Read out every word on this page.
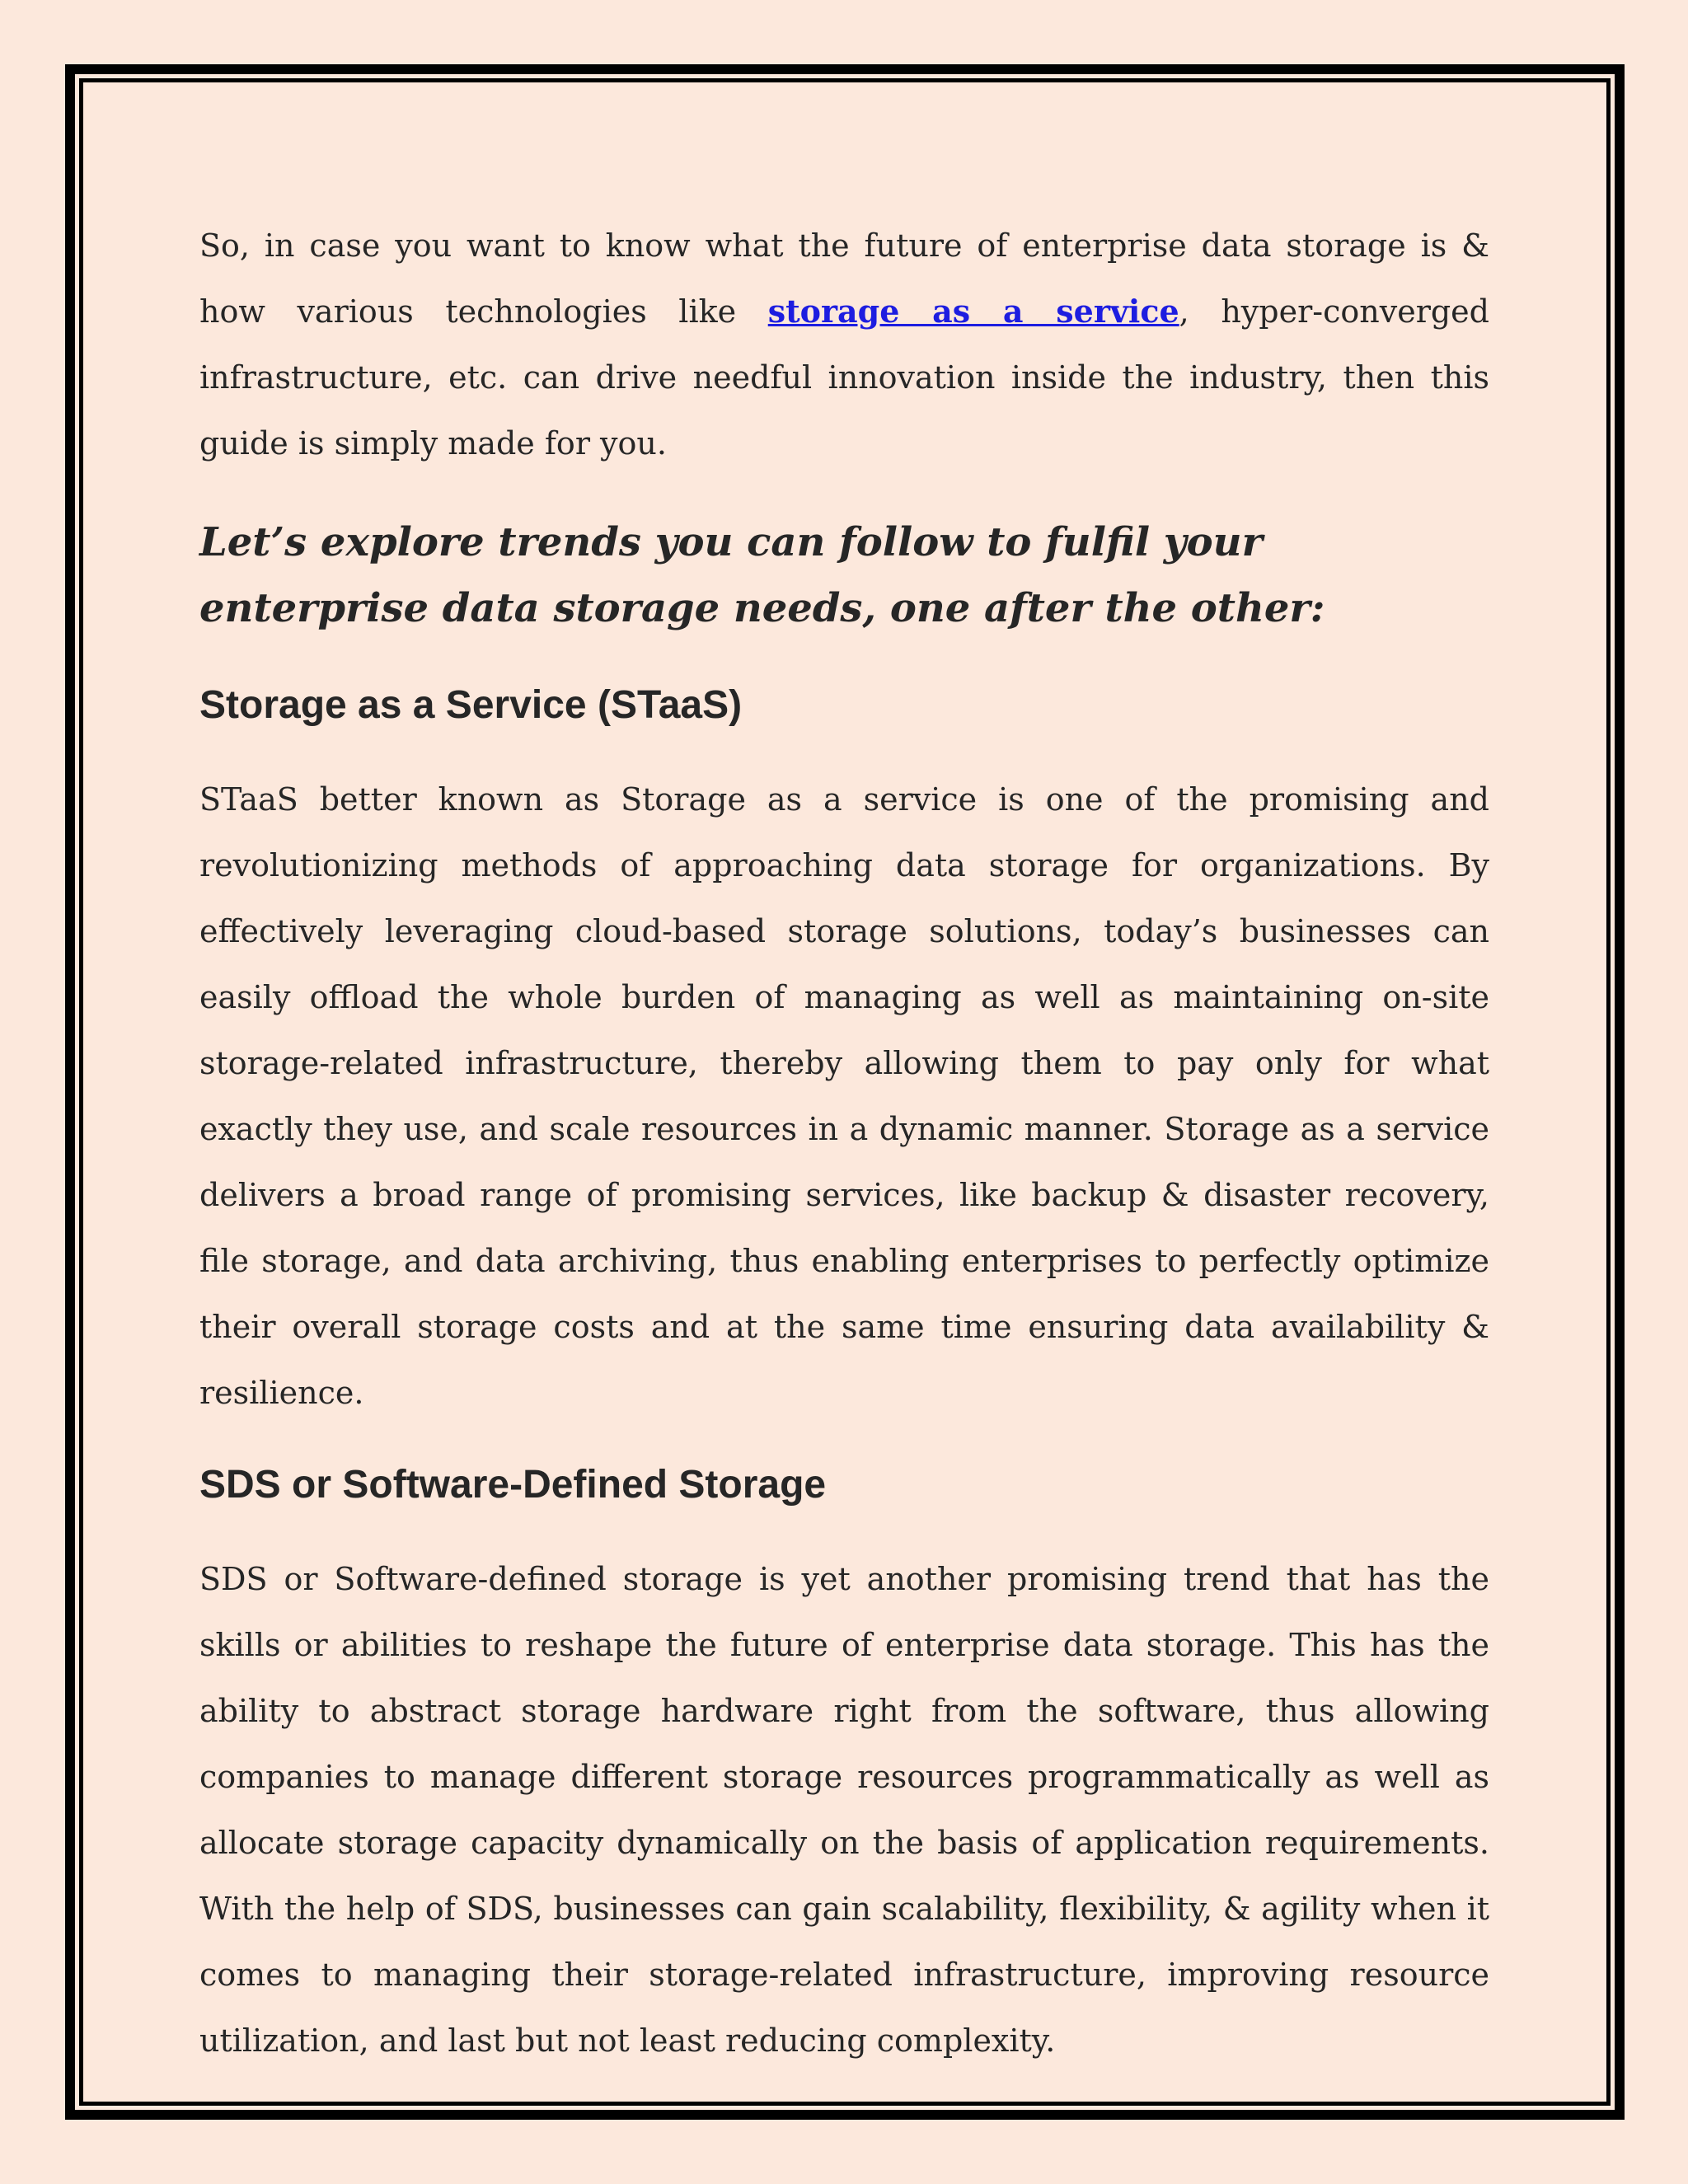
So, in case you want to know what the future of enterprise data storage is & how various technologies like storage as a service, hyper-converged infrastructure, etc. can drive needful innovation inside the industry, then this guide is simply made for you.

Let’s explore trends you can follow to fulfil your enterprise data storage needs, one after the other:
Storage as a Service (STaaS)

STaaS better known as Storage as a service is one of the promising and revolutionizing methods of approaching data storage for organizations. By effectively leveraging cloud-based storage solutions, today’s businesses can easily offload the whole burden of managing as well as maintaining on-site storage-related infrastructure, thereby allowing them to pay only for what exactly they use, and scale resources in a dynamic manner. Storage as a service delivers a broad range of promising services, like backup & disaster recovery, file storage, and data archiving, thus enabling enterprises to perfectly optimize their overall storage costs and at the same time ensuring data availability & resilience.

SDS or Software-Defined Storage

SDS or Software-defined storage is yet another promising trend that has the skills or abilities to reshape the future of enterprise data storage. This has the ability to abstract storage hardware right from the software, thus allowing companies to manage different storage resources programmatically as well as allocate storage capacity dynamically on the basis of application requirements. With the help of SDS, businesses can gain scalability, flexibility, & agility when it comes to managing their storage-related infrastructure, improving resource utilization, and last but not least reducing complexity.
